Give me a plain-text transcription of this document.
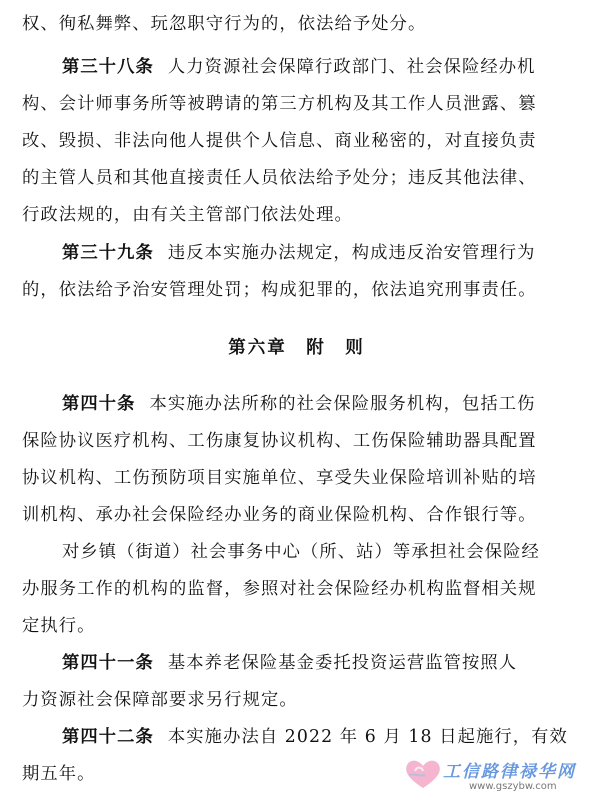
权、徇私舞弊、玩忽职守行为的，依法给予处分。
第三十八条 人力资源社会保障行政部门、社会保险经办机
构、会计师事务所等被聘请的第三方机构及其工作人员泄露、篡
改、毁损、非法向他人提供个人信息、商业秘密的，对直接负责
的主管人员和其他直接责任人员依法给予处分；违反其他法律、
行政法规的，由有关主管部门依法处理。
第三十九条 违反本实施办法规定，构成违反治安管理行为
的，依法给予治安管理处罚；构成犯罪的，依法追究刑事责任。
第六章　附　则
第四十条 本实施办法所称的社会保险服务机构，包括工伤
保险协议医疗机构、工伤康复协议机构、工伤保险辅助器具配置
协议机构、工伤预防项目实施单位、享受失业保险培训补贴的培
训机构、承办社会保险经办业务的商业保险机构、合作银行等。
对乡镇（街道）社会事务中心（所、站）等承担社会保险经
办服务工作的机构的监督，参照对社会保险经办机构监督相关规
定执行。
第四十一条 基本养老保险基金委托投资运营监管按照人
力资源社会保障部要求另行规定。
第四十二条 本实施办法自 2022 年 6 月 18 日起施行，有效
期五年。	工信路律禄华网
www.gszybw.com
